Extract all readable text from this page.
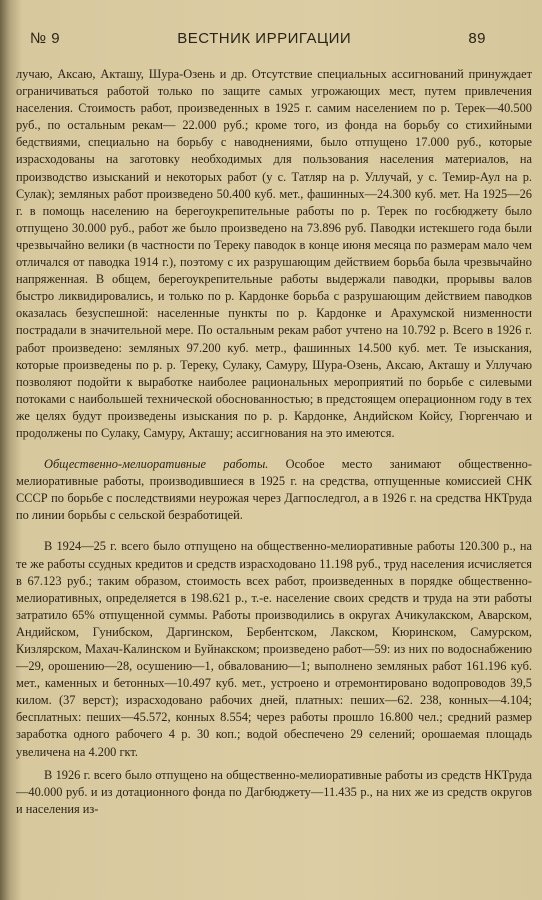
№ 9	ВЕСТНИК ИРРИГАЦИИ	89

лучаю, Аксаю, Акташу, Шура-Озень и др. Отсутствие специальных ассигнований принуждает ограничиваться работой только по защите самых угрожающих мест, путем привлечения населения. Стоимость работ, произведенных в 1925 г. самим населением по р. Терек—40.500 руб., по остальным рекам— 22.000 руб.; кроме того, из фонда на борьбу со стихийными бедствиями, специально на борьбу с наводнениями, было отпущено 17.000 руб., которые израсходованы на заготовку необходимых для пользования населения материалов, на производство изысканий и некоторых работ (у с. Татляр на р. Уллучай, у с. Темир-Аул на р. Сулак); земляных работ произведено 50.400 куб. мет., фашинных—24.300 куб. мет. На 1925—26 г. в помощь населению на берегоукрепительные работы по р. Терек по госбюджету было отпущено 30.000 руб., работ же было произведено на 73.896 руб. Паводки истекшего года были чрезвычайно велики (в частности по Тереку паводок в конце июня месяца по размерам мало чем отличался от паводка 1914 г.), поэтому с их разрушающим действием борьба была чрезвычайно напряженная. В общем, берегоукрепительные работы выдержали паводки, прорывы валов быстро ликвидировались, и только по р. Кардонке борьба с разрушающим действием паводков оказалась безуспешной: населенные пункты по р. Кардонке и Арахумской низменности пострадали в значительной мере. По остальным рекам работ учтено на 10.792 р. Всего в 1926 г. работ произведено: земляных 97.200 куб. метр., фашинных 14.500 куб. мет. Те изыскания, которые произведены по р. р. Тереку, Сулаку, Самуру, Шура-Озень, Аксаю, Акташу и Уллучаю позволяют подойти к выработке наиболее рациональных мероприятий по борьбе с силевыми потоками с наибольшей технической обоснованностью; в предстоящем операционном году в тех же целях будут произведены изыскания по р. р. Кардонке, Андийском Койсу, Гюргенчаю и продолжены по Сулаку, Самуру, Акташу; ассигнования на это имеются.

Общественно-мелиоративные работы. Особое место занимают общественно-мелиоративные работы, производившиеся в 1925 г. на средства, отпущенные комиссией СНК СССР по борьбе с последствиями неурожая через Дагпоследгол, а в 1926 г. на средства НКТруда по линии борьбы с сельской безработицей.

В 1924—25 г. всего было отпущено на общественно-мелиоративные работы 120.300 р., на те же работы ссудных кредитов и средств израсходовано 11.198 руб., труд населения исчисляется в 67.123 руб.; таким образом, стоимость всех работ, произведенных в порядке общественно-мелиоративных, определяется в 198.621 р., т.-е. население своих средств и труда на эти работы затратило 65% отпущенной суммы. Работы производились в округах Ачикулакском, Аварском, Андийском, Гунибском, Даргинском, Бербентском, Лакском, Кюринском, Самурском, Кизлярском, Махач-Калинском и Буйнакском; произведено работ—59: из них по водоснабжению—29, орошению—28, осушению—1, обвалованию—1; выполнено земляных работ 161.196 куб. мет., каменных и бетонных—10.497 куб. мет., устроено и отремонтировано водопроводов 39,5 килом. (37 верст); израсходовано рабочих дней, платных: пеших—62. 238, конных—4.104; бесплатных: пеших—45.572, конных 8.554; через работы прошло 16.800 чел.; средний размер заработка одного рабочего 4 р. 30 коп.; водой обеспечено 29 селений; орошаемая площадь увеличена на 4.200 гкт.

В 1926 г. всего было отпущено на общественно-мелиоративные работы из средств НКТруда—40.000 руб. и из дотационного фонда по Дагбюджету—11.435 р., на них же из средств округов и населения из-
